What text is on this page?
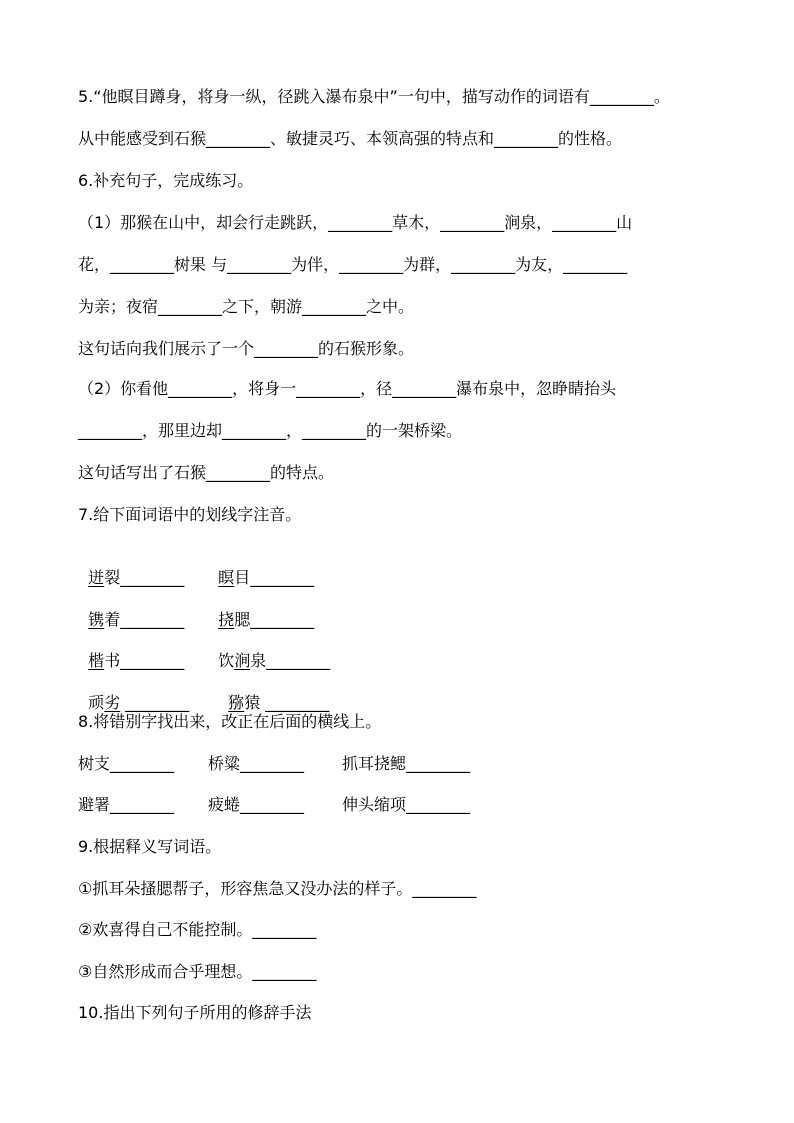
5.“他瞑目蹲身，将身一纵，径跳入瀑布泉中”一句中，描写动作的词语有________。
从中能感受到石猴________、敏捷灵巧、本领高强的特点和________的性格。
6.补充句子，完成练习。
（1）那猴在山中，却会行走跳跃，________草木，________涧泉，________山
花，________树果 与________为伴，________为群，________为友，________
为亲；夜宿________之下，朝游________之中。
这句话向我们展示了一个________的石猴形象。
（2）你看他________，将身一________，径________瀑布泉中，忽睁睛抬头
________，那里边却________，________的一架桥梁。
这句话写出了石猴________的特点。
7.给下面词语中的划线字注音。

迸裂________	瞑目________

镌着________	挠腮________

楷书________	饮涧泉________

顽劣 ________	猕猿 ________

8.将错别字找出来，改正在后面的横线上。
树支________ 桥粱________ 抓耳挠鳃________
避署________ 疲蜷________ 伸头缩项________
9.根据释义写词语。
①抓耳朵搔腮帮子，形容焦急又没办法的样子。________
②欢喜得自己不能控制。________
③自然形成而合乎理想。________
10.指出下列句子所用的修辞手法
